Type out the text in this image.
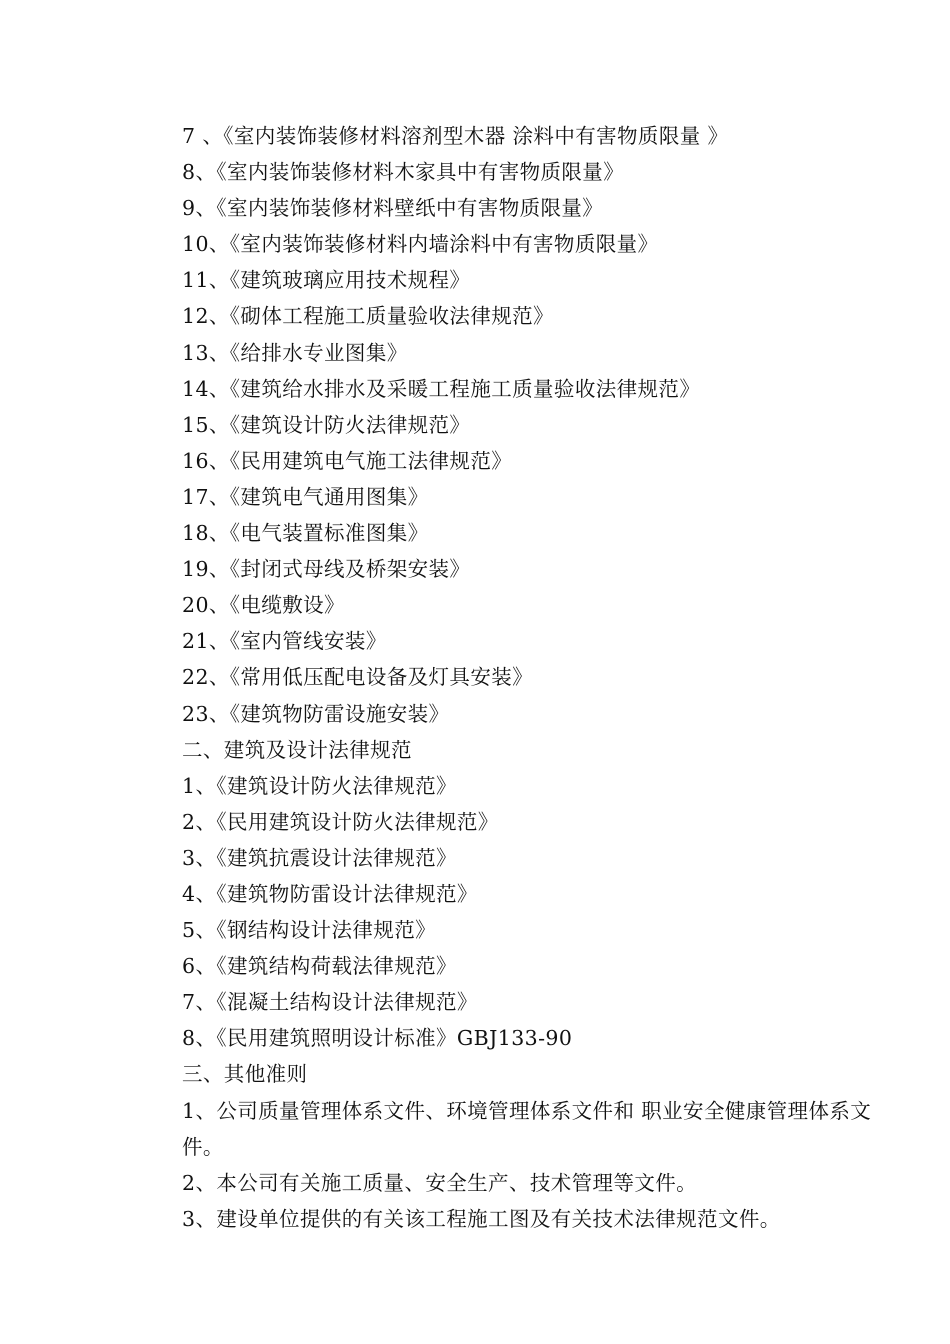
7 、《室内装饰装修材料溶剂型木器 涂料中有害物质限量 》
8、《室内装饰装修材料木家具中有害物质限量》
9、《室内装饰装修材料壁纸中有害物质限量》
10、《室内装饰装修材料内墙涂料中有害物质限量》
11、《建筑玻璃应用技术规程》
12、《砌体工程施工质量验收法律规范》
13、《给排水专业图集》
14、《建筑给水排水及采暖工程施工质量验收法律规范》
15、《建筑设计防火法律规范》
16、《民用建筑电气施工法律规范》
17、《建筑电气通用图集》
18、《电气装置标准图集》
19、《封闭式母线及桥架安装》
20、《电缆敷设》
21、《室内管线安装》
22、《常用低压配电设备及灯具安装》
23、《建筑物防雷设施安装》
二、建筑及设计法律规范
1、《建筑设计防火法律规范》
2、《民用建筑设计防火法律规范》
3、《建筑抗震设计法律规范》
4、《建筑物防雷设计法律规范》
5、《钢结构设计法律规范》
6、《建筑结构荷载法律规范》
7、《混凝土结构设计法律规范》
8、《民用建筑照明设计标准》GBJ133-90
三、其他准则
1、公司质量管理体系文件、环境管理体系文件和 职业安全健康管理体系文件。
2、本公司有关施工质量、安全生产、技术管理等文件。
3、建设单位提供的有关该工程施工图及有关技术法律规范文件。
